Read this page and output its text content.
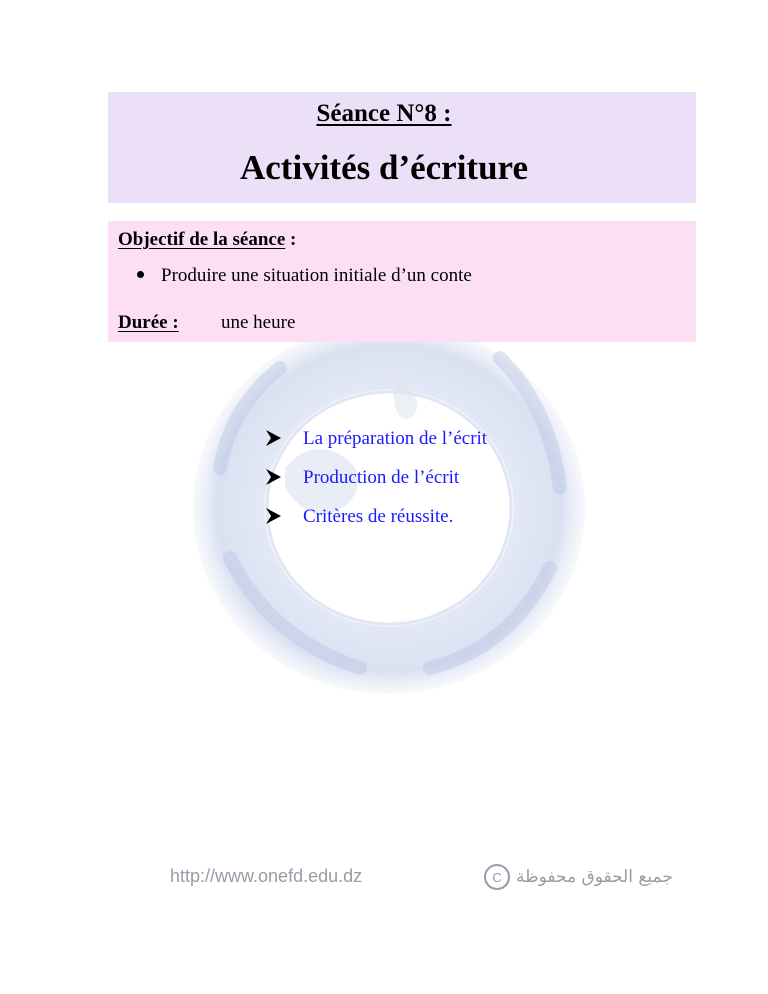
Séance N°8 :
Activités d’écriture
Objectif de la séance :
Produire une situation initiale d’un conte
Durée : une heure
La préparation de l’écrit
Production de l’écrit
Critères de réussite.
http://www.onefd.edu.dz	C جميع الحقوق محفوظة
